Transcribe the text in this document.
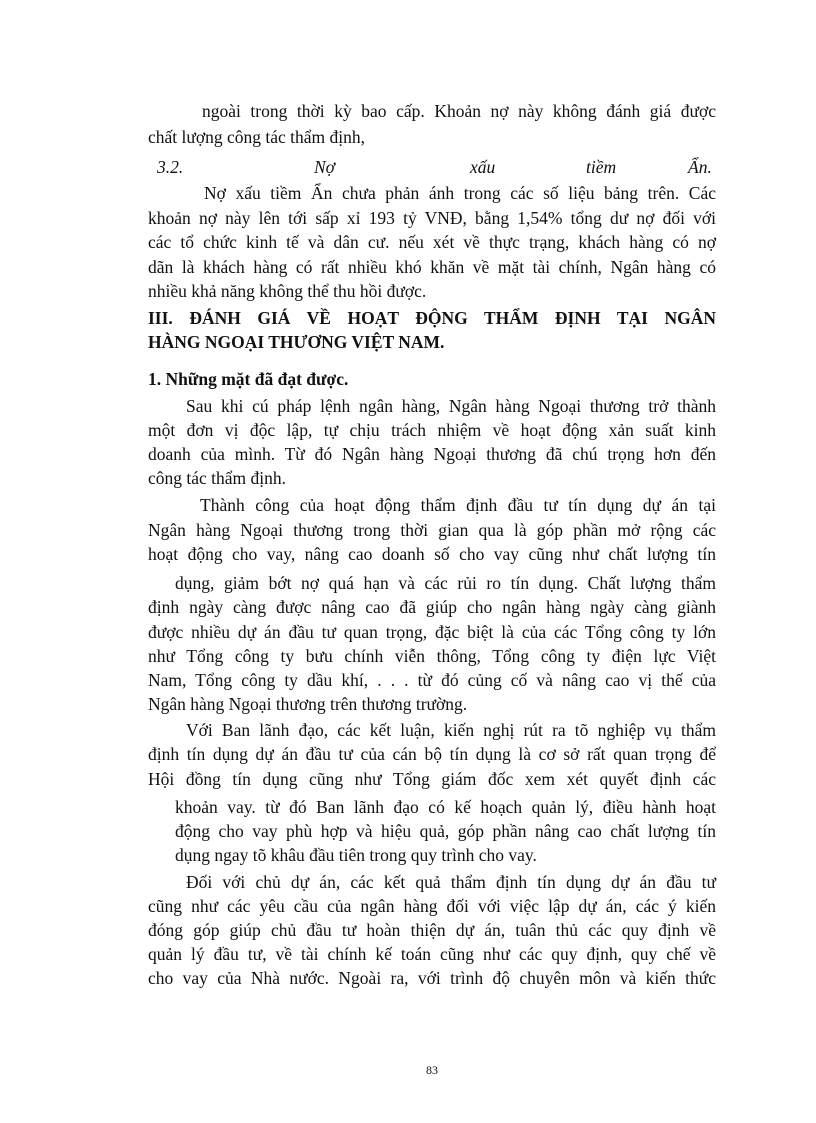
ngoài trong thời kỳ bao cấp. Khoản nợ này không đánh giá được

chất lượng công tác thẩm định,

3.2.	Nợ	xấu	tiềm	Ẩn.

Nợ xấu tiềm Ẩn chưa phản ánh trong các số liệu bảng trên. Các

khoản nợ này lên tới sấp xỉ 193 tỷ VNĐ, bằng 1,54% tổng dư nợ đối với

các tổ chức kinh tế và dân cư. nếu xét về thực trạng, khách hàng có nợ

dãn là khách hàng có rất nhiều khó khăn về mặt tài chính, Ngân hàng có

nhiều khả năng không thể thu hồi được.

III. ĐÁNH GIÁ VỀ HOẠT ĐỘNG THẨM ĐỊNH TẠI NGÂN

HÀNG NGOẠI THƯƠNG VIỆT NAM.

1. Những mặt đã đạt được.

Sau khi cú pháp lệnh ngân hàng, Ngân hàng Ngoại thương trở thành

một đơn vị độc lập, tự chịu trách nhiệm về hoạt động xản suất kinh

doanh của mình. Từ đó Ngân hàng Ngoại thương đã chú trọng hơn đến

công tác thẩm định.

Thành công của hoạt động thẩm định đầu tư tín dụng dự án tại

Ngân hàng Ngoại thương trong thời gian qua là góp phần mở rộng các

hoạt động cho vay, nâng cao doanh số cho vay cũng như chất lượng tín

dụng, giảm bớt nợ quá hạn và các rủi ro tín dụng. Chất lượng thẩm

định ngày càng được nâng cao đã giúp cho ngân hàng ngày càng giành

được nhiều dự án đầu tư quan trọng, đặc biệt là của các Tổng công ty lớn

như Tổng công ty bưu chính viễn thông, Tổng công ty điện lực Việt

Nam, Tổng công ty dầu khí, . . . từ đó củng cố và nâng cao vị thế của

Ngân hàng Ngoại thương trên thương trường.

Với Ban lãnh đạo, các kết luận, kiến nghị rút ra tõ nghiệp vụ thẩm

định tín dụng dự án đầu tư của cán bộ tín dụng là cơ sở rất quan trọng để

Hội đồng tín dụng cũng như Tổng giám đốc xem xét quyết định các

khoản vay. từ đó Ban lãnh đạo có kế hoạch quản lý, điều hành hoạt

động cho vay phù hợp và hiệu quả, góp phần nâng cao chất lượng tín

dụng ngay tõ khâu đầu tiên trong quy trình cho vay.

Đối với chủ dự án, các kết quả thẩm định tín dụng dự án đầu tư

cũng như các yêu cầu của ngân hàng đối với việc lập dự án, các ý kiến

đóng góp giúp chủ đầu tư hoàn thiện dự án, tuân thủ các quy định về

quản lý đầu tư, về tài chính kế toán cũng như các quy định, quy chế về

cho vay của Nhà nước. Ngoài ra, với trình độ chuyên môn và kiến thức

83
